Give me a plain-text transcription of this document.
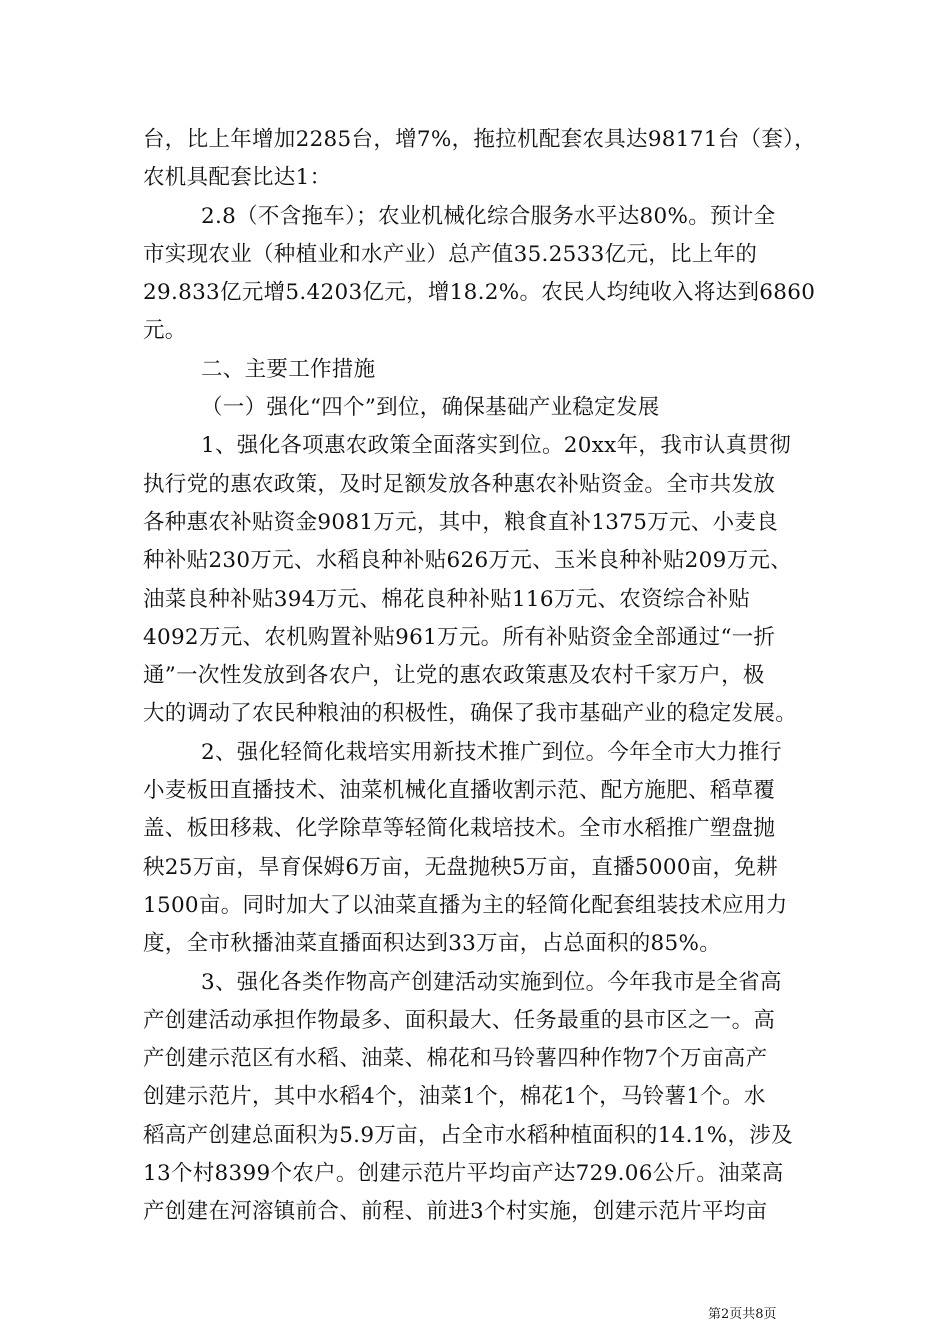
台，比上年增加2285台，增7%，拖拉机配套农具达98171台（套），
农机具配套比达1：
2.8（不含拖车）；农业机械化综合服务水平达80%。预计全
市实现农业（种植业和水产业）总产值35.2533亿元，比上年的
29.833亿元增5.4203亿元，增18.2%。农民人均纯收入将达到6860
元。
二、主要工作措施
（一）强化“四个”到位，确保基础产业稳定发展
1、强化各项惠农政策全面落实到位。20xx年，我市认真贯彻
执行党的惠农政策，及时足额发放各种惠农补贴资金。全市共发放
各种惠农补贴资金9081万元，其中，粮食直补1375万元、小麦良
种补贴230万元、水稻良种补贴626万元、玉米良种补贴209万元、
油菜良种补贴394万元、棉花良种补贴116万元、农资综合补贴
4092万元、农机购置补贴961万元。所有补贴资金全部通过“一折
通”一次性发放到各农户，让党的惠农政策惠及农村千家万户，极
大的调动了农民种粮油的积极性，确保了我市基础产业的稳定发展。
2、强化轻简化栽培实用新技术推广到位。今年全市大力推行
小麦板田直播技术、油菜机械化直播收割示范、配方施肥、稻草覆
盖、板田移栽、化学除草等轻简化栽培技术。全市水稻推广塑盘抛
秧25万亩，旱育保姆6万亩，无盘抛秧5万亩，直播5000亩，免耕
1500亩。同时加大了以油菜直播为主的轻简化配套组装技术应用力
度，全市秋播油菜直播面积达到33万亩，占总面积的85%。
3、强化各类作物高产创建活动实施到位。今年我市是全省高
产创建活动承担作物最多、面积最大、任务最重的县市区之一。高
产创建示范区有水稻、油菜、棉花和马铃薯四种作物7个万亩高产
创建示范片，其中水稻4个，油菜1个，棉花1个，马铃薯1个。水
稻高产创建总面积为5.9万亩，占全市水稻种植面积的14.1%，涉及
13个村8399个农户。创建示范片平均亩产达729.06公斤。油菜高
产创建在河溶镇前合、前程、前进3个村实施，创建示范片平均亩
第2页共8页
